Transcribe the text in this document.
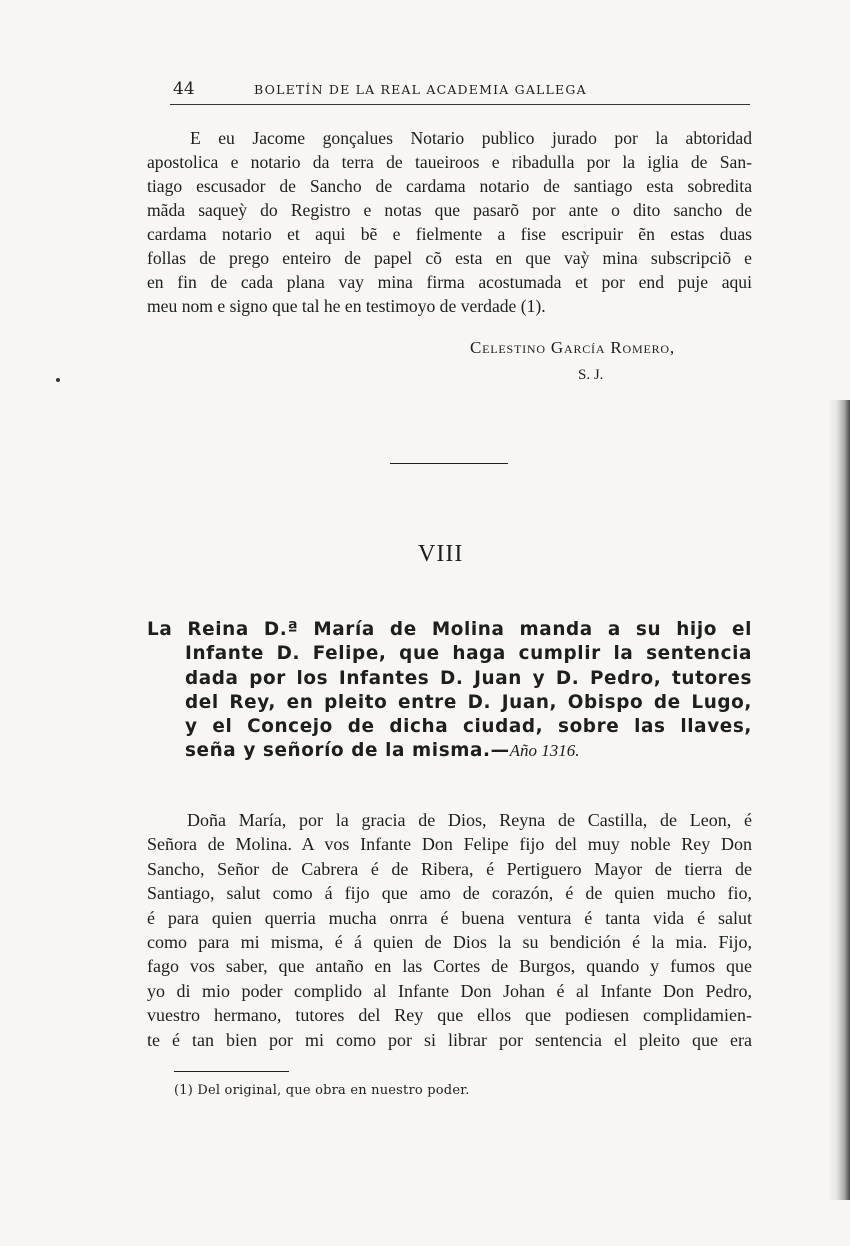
44	BOLETÍN DE LA REAL ACADEMIA GALLEGA
E eu Jacome gonçalues Notario publico jurado por la abtoridad
apostolica e notario da terra de taueiroos e ribadulla por la iglia de San-
tiago escusador de Sancho de cardama notario de santiago esta sobredita
mãda saqueỳ do Registro e notas que pasarõ por ante o dito sancho de
cardama notario et aqui bẽ e fielmente a fise escripuir ẽn estas duas
follas de prego enteiro de papel cõ esta en que vaỳ mina subscripciõ e
en fin de cada plana vay mina firma acostumada et por end puje aqui
meu nom e signo que tal he en testimoyo de verdade (1).
Celestino García Romero,
S. J.
VIII
La Reina D.ª María de Molina manda a su hijo el
Infante D. Felipe, que haga cumplir la sentencia
dada por los Infantes D. Juan y D. Pedro, tutores
del Rey, en pleito entre D. Juan, Obispo de Lugo,
y el Concejo de dicha ciudad, sobre las llaves,
seña y señorío de la misma.—Año 1316.
Doña María, por la gracia de Dios, Reyna de Castilla, de Leon, é
Señora de Molina. A vos Infante Don Felipe fijo del muy noble Rey Don
Sancho, Señor de Cabrera é de Ribera, é Pertiguero Mayor de tierra de
Santiago, salut como á fijo que amo de corazón, é de quien mucho fio,
é para quien querria mucha onrra é buena ventura é tanta vida é salut
como para mi misma, é á quien de Dios la su bendición é la mia. Fijo,
fago vos saber, que antaño en las Cortes de Burgos, quando y fumos que
yo di mio poder complido al Infante Don Johan é al Infante Don Pedro,
vuestro hermano, tutores del Rey que ellos que podiesen complidamien-
te é tan bien por mi como por si librar por sentencia el pleito que era
(1) Del original, que obra en nuestro poder.
